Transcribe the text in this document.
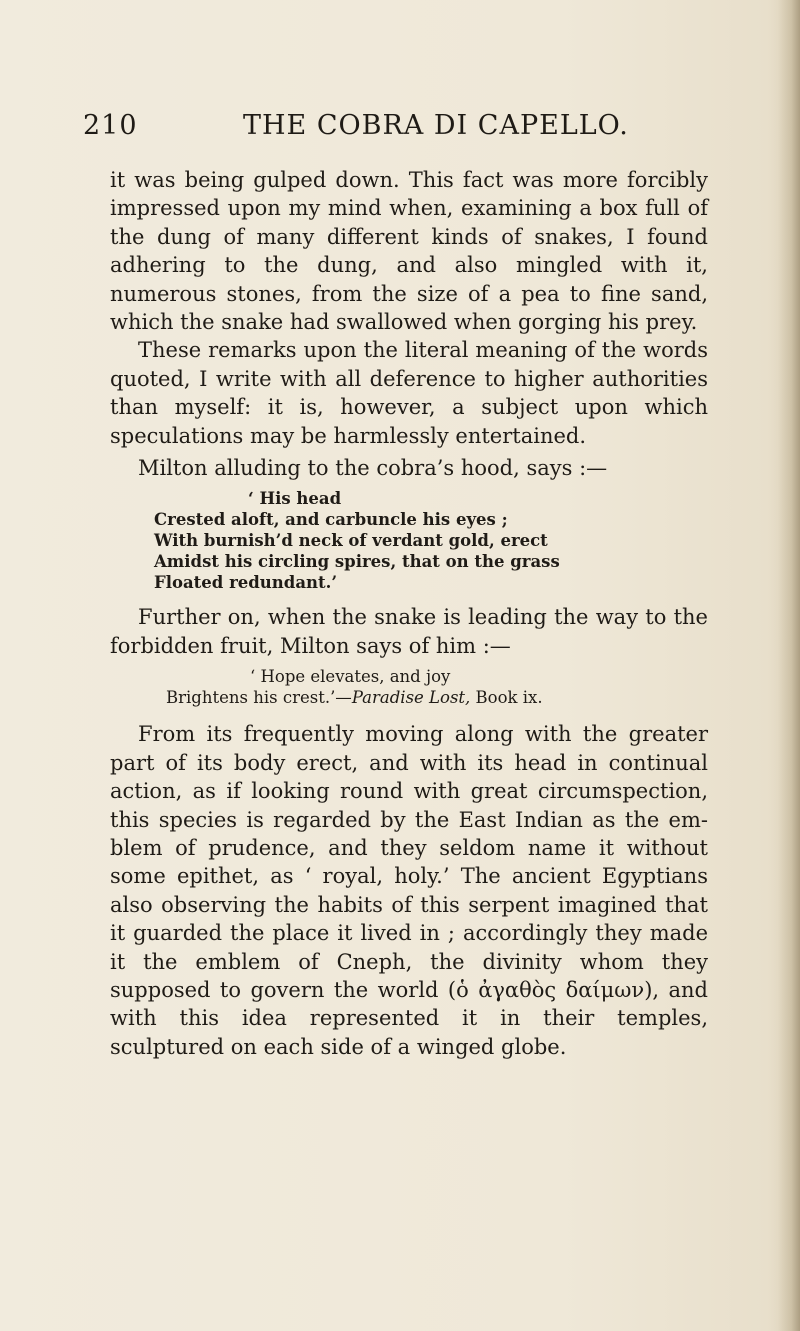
210	THE COBRA DI CAPELLO.

it was being gulped down. This fact was more forcibly impressed upon my mind when, examining a box full of the dung of many different kinds of snakes, I found adhering to the dung, and also mingled with it, numerous stones, from the size of a pea to fine sand, which the snake had swallowed when gorging his prey.

These remarks upon the literal meaning of the words quoted, I write with all deference to higher authorities than myself: it is, however, a subject upon which speculations may be harmlessly entertained.

Milton alluding to the cobra’s hood, says :—

‘ His head
Crested aloft, and carbuncle his eyes ;
With burnish’d neck of verdant gold, erect
Amidst his circling spires, that on the grass
Floated redundant.’

Further on, when the snake is leading the way to the forbidden fruit, Milton says of him :—

‘ Hope elevates, and joy
Brightens his crest.’—Paradise Lost, Book ix.

From its frequently moving along with the greater part of its body erect, and with its head in continual action, as if looking round with great circumspection, this species is regarded by the East Indian as the em-blem of prudence, and they seldom name it without some epithet, as ‘ royal, holy.’ The ancient Egyptians also observing the habits of this serpent imagined that it guarded the place it lived in ; accordingly they made it the emblem of Cneph, the divinity whom they supposed to govern the world (ὁ ἀγαθὸς δαίμων), and with this idea represented it in their temples, sculptured on each side of a winged globe.
